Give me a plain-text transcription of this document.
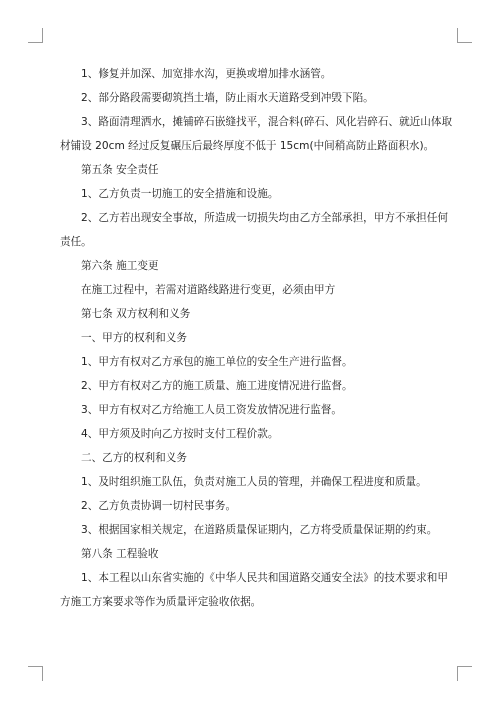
1、修复并加深、加宽排水沟，更换或增加排水涵管。

2、部分路段需要砌筑挡土墙，防止雨水天道路受到冲毁下陷。

3、路面清理洒水，摊铺碎石嵌缝找平，混合料(碎石、风化岩碎石、就近山体取

材铺设 20cm 经过反复碾压后最终厚度不低于 15cm(中间稍高防止路面积水)。

第五条 安全责任

1、乙方负责一切施工的安全措施和设施。

2、乙方若出现安全事故，所造成一切损失均由乙方全部承担，甲方不承担任何

责任。

第六条 施工变更

在施工过程中，若需对道路线路进行变更，必须由甲方

第七条 双方权利和义务

一、甲方的权利和义务

1、甲方有权对乙方承包的施工单位的安全生产进行监督。

2、甲方有权对乙方的施工质量、施工进度情况进行监督。

3、甲方有权对乙方给施工人员工资发放情况进行监督。

4、甲方须及时向乙方按时支付工程价款。

二、乙方的权利和义务

1、及时组织施工队伍，负责对施工人员的管理，并确保工程进度和质量。

2、乙方负责协调一切村民事务。

3、根据国家相关规定，在道路质量保证期内，乙方将受质量保证期的约束。

第八条 工程验收

1、本工程以山东省实施的《中华人民共和国道路交通安全法》的技术要求和甲

方施工方案要求等作为质量评定验收依据。
